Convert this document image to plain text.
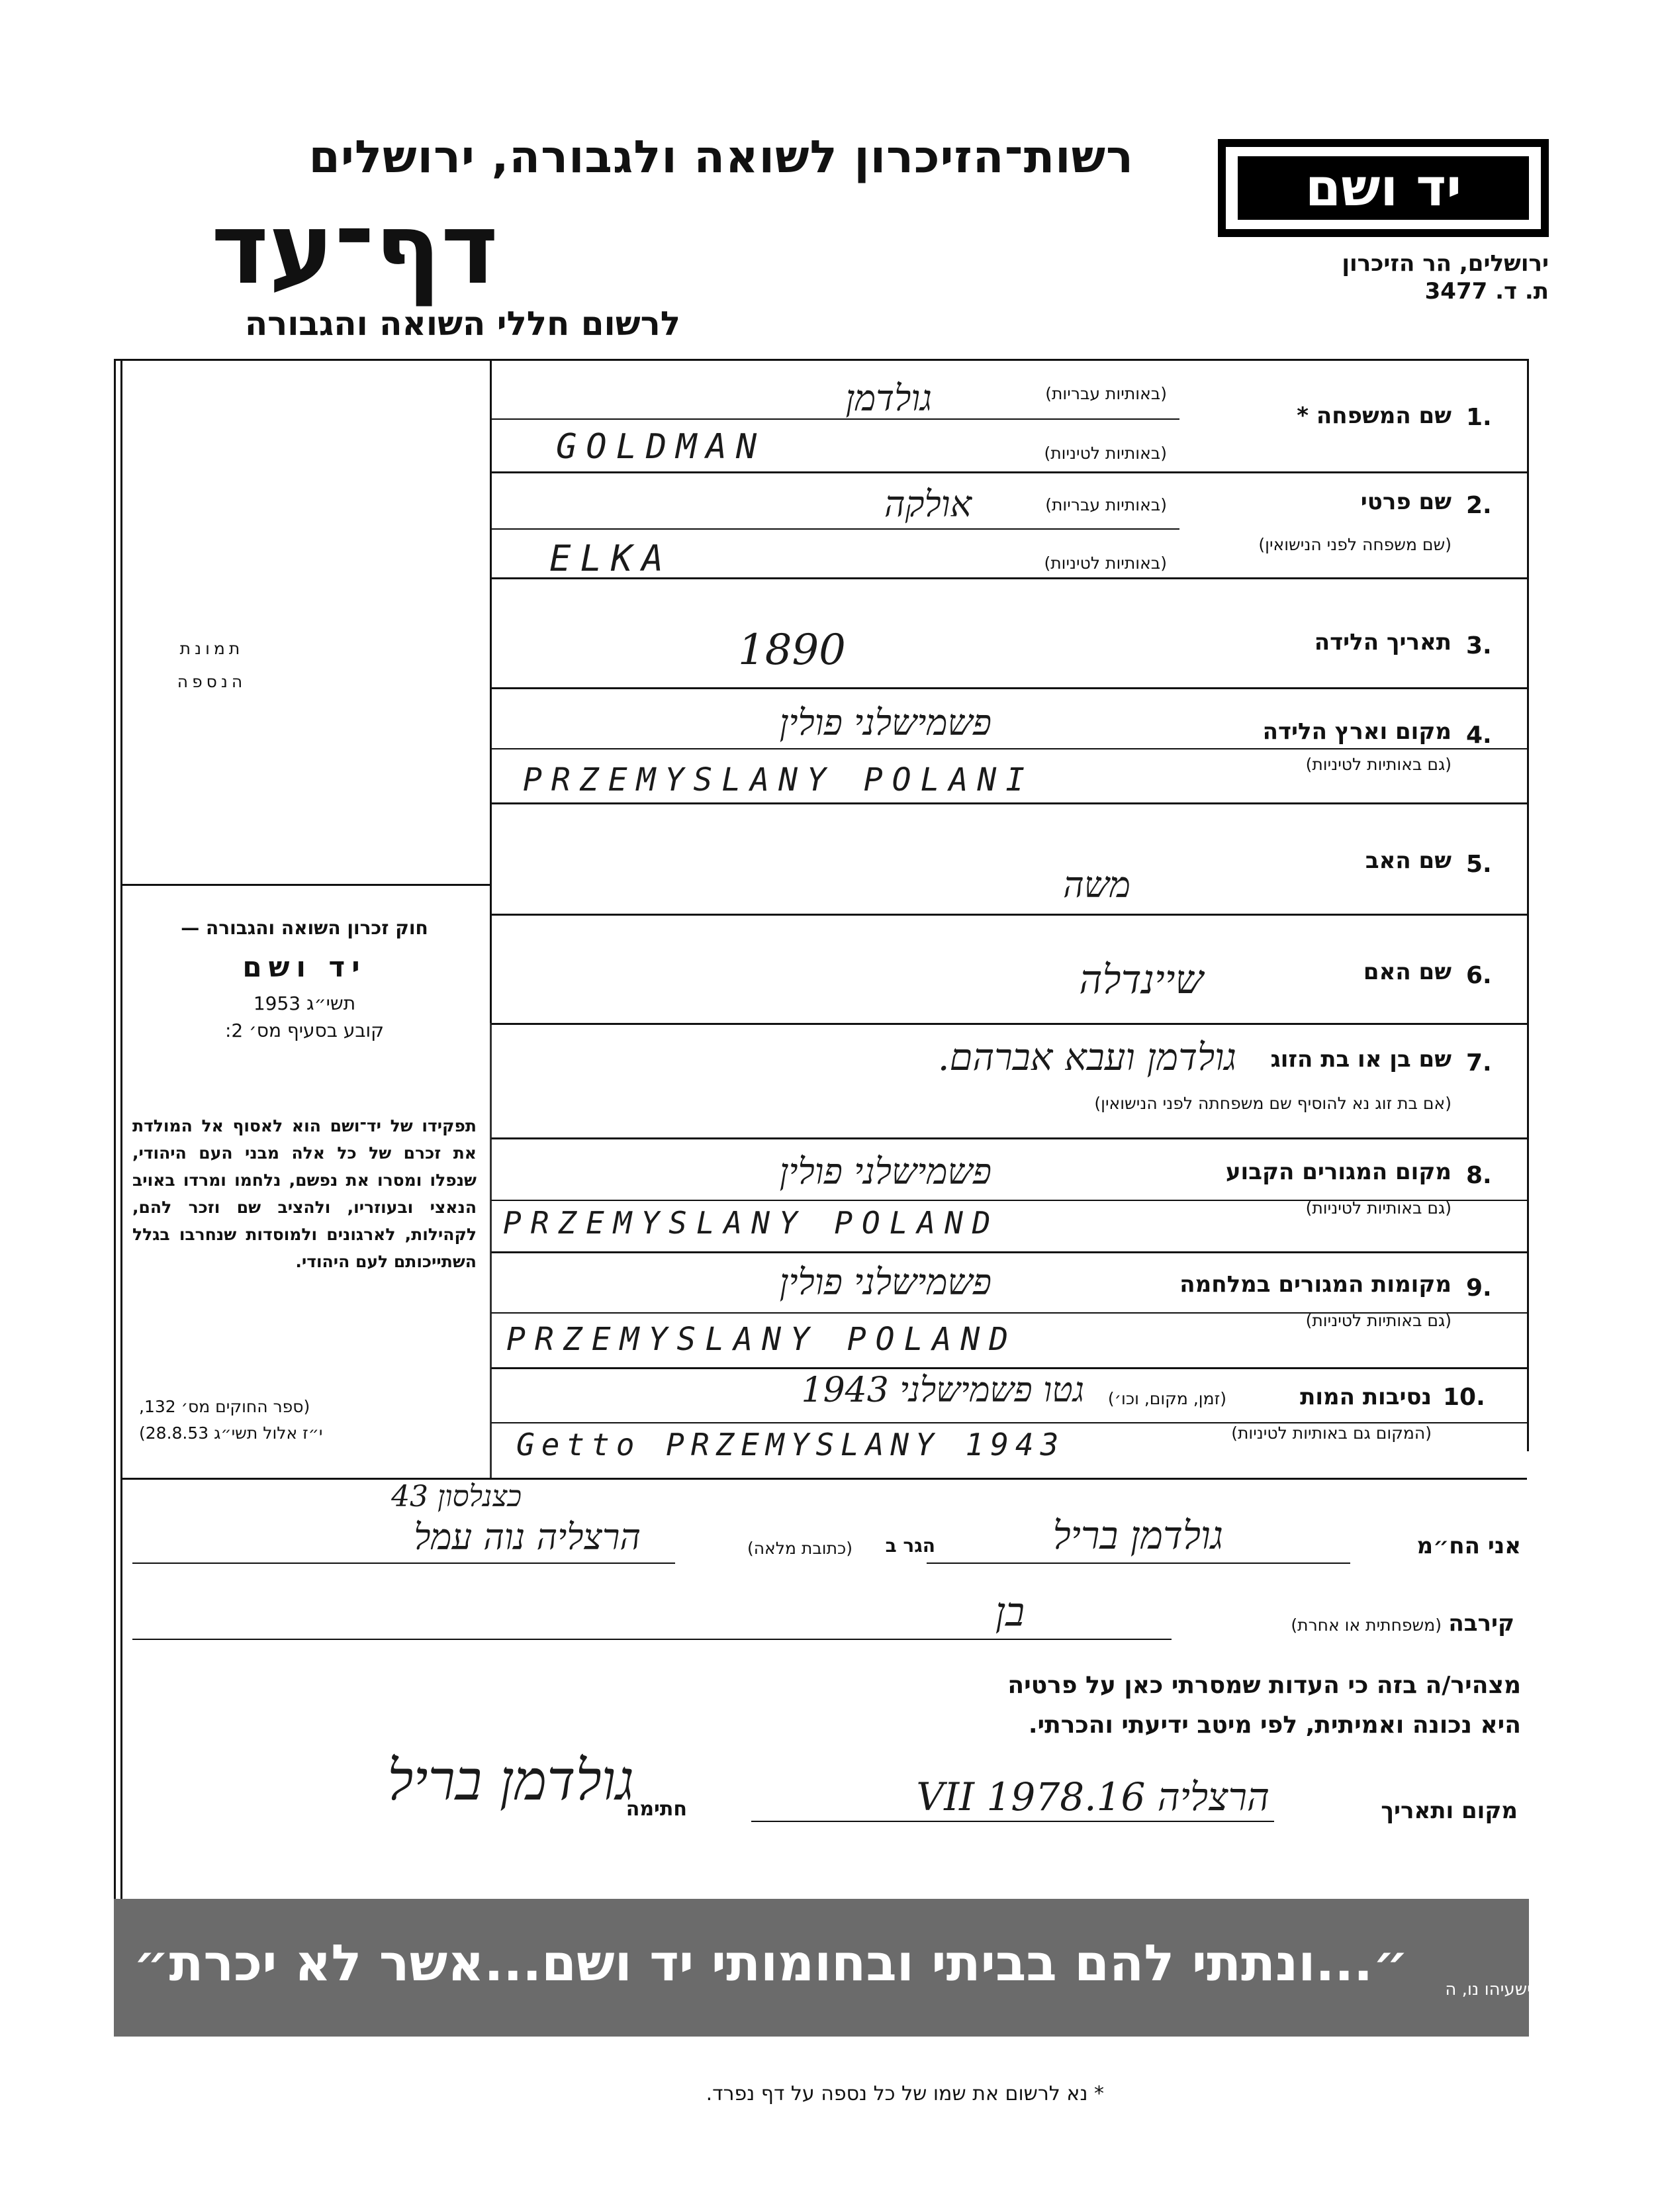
רשות־הזיכרון לשואה ולגבורה, ירושלים
דף־עד
לרשום חללי השואה והגבורה
יד ושם
ירושלים, הר הזיכרון
ת. ד. 3477
תמונת
הנספה
חוק זכרון השואה והגבורה —
יד ושם
תשי״ג 1953
קובע בסעיף מס׳ 2:
תפקידו של יד־ושם הוא לאסוף אל המולדת את זכרם של כל אלה מבני העם היהודי, שנפלו ומסרו את נפשם, נלחמו ומרדו באויב הנאצי ובעוזריו, ולהציב שם וזכר להם, לקהילות, לארגונים ולמוסדות שנחרבו בגלל השתייכותם לעם היהודי.
(ספר החוקים מס׳ 132,
י״ז אלול תשי״ג 28.8.53)
1.
שם המשפחה *
(באותיות עבריות)
(באותיות לטיניות)
גולדמן
GOLDMAN
2.
שם פרטי
(שם משפחה לפני הנישואין)
(באותיות עבריות)
(באותיות לטיניות)
אולקה
ELKA
3.
תאריך הלידה
1890
4.
מקום וארץ הלידה
(גם באותיות לטיניות)
פשמישלני פולין
PRZEMYSLANY POLANI
5.
שם האב
משה
6.
שם האם
שיינדלה
7.
שם בן או בת הזוג
(אם בת זוג נא להוסיף שם משפחתה לפני הנישואין)
גולדמן ועבא אברהם.
8.
מקום המגורים הקבוע
(גם באותיות לטיניות)
פשמישלני פולין
PRZEMYSLANY POLAND
9.
מקומות המגורים במלחמה
(גם באותיות לטיניות)
פשמישלני פולין
PRZEMYSLANY POLAND
10.
נסיבות המות
(זמן, מקום, וכו׳)
(המקום גם באותיות לטיניות)
גטו פשמישלני 1943
Getto PRZEMYSLANY 1943
אני הח״מ
גולדמן בריל
הגר ב
(כתובת מלאה)
הרצליה נוה עמל
כצנלסון 43
קירבה
(משפחתית או אחרת)
בן
מצהיר/ה בזה כי העדות שמסרתי כאן על פרטיה
היא נכונה ואמיתית, לפי מיטב ידיעתי והכרתי.
מקום ותאריך
הרצליה 16.VII 1978
חתימה
גולדמן בריל
״...ונתתי להם בביתי ובחומותי יד ושם...אשר לא יכרת״ ישעיהו נו, ה
* נא לרשום את שמו של כל נספה על דף נפרד.
